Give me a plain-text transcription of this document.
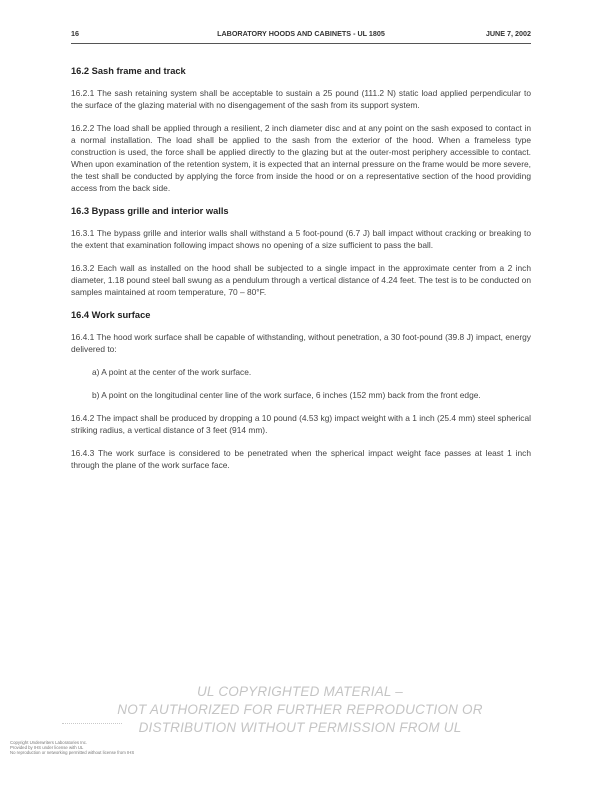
16	LABORATORY HOODS AND CABINETS - UL 1805	JUNE 7, 2002
16.2 Sash frame and track

16.2.1 The sash retaining system shall be acceptable to sustain a 25 pound (111.2 N) static load applied perpendicular to the surface of the glazing material with no disengagement of the sash from its support system.

16.2.2 The load shall be applied through a resilient, 2 inch diameter disc and at any point on the sash exposed to contact in a normal installation. The load shall be applied to the sash from the exterior of the hood. When a frameless type construction is used, the force shall be applied directly to the glazing but at the outer-most periphery accessible to contact. When upon examination of the retention system, it is expected that an internal pressure on the frame would be more severe, the test shall be conducted by applying the force from inside the hood or on a representative section of the hood providing access from the back side.

16.3 Bypass grille and interior walls

16.3.1 The bypass grille and interior walls shall withstand a 5 foot-pound (6.7 J) ball impact without cracking or breaking to the extent that examination following impact shows no opening of a size sufficient to pass the ball.

16.3.2 Each wall as installed on the hood shall be subjected to a single impact in the approximate center from a 2 inch diameter, 1.18 pound steel ball swung as a pendulum through a vertical distance of 4.24 feet. The test is to be conducted on samples maintained at room temperature, 70 – 80°F.

16.4 Work surface

16.4.1 The hood work surface shall be capable of withstanding, without penetration, a 30 foot-pound (39.8 J) impact, energy delivered to:

a) A point at the center of the work surface.

b) A point on the longitudinal center line of the work surface, 6 inches (152 mm) back from the front edge.

16.4.2 The impact shall be produced by dropping a 10 pound (4.53 kg) impact weight with a 1 inch (25.4 mm) steel spherical striking radius, a vertical distance of 3 feet (914 mm).

16.4.3 The work surface is considered to be penetrated when the spherical impact weight face passes at least 1 inch through the plane of the work surface face.

UL COPYRIGHTED MATERIAL –
NOT AUTHORIZED FOR FURTHER REPRODUCTION OR
DISTRIBUTION WITHOUT PERMISSION FROM UL
Copyright Underwriters Laboratories Inc.
Provided by IHS under license with UL
No reproduction or networking permitted without license from IHS
